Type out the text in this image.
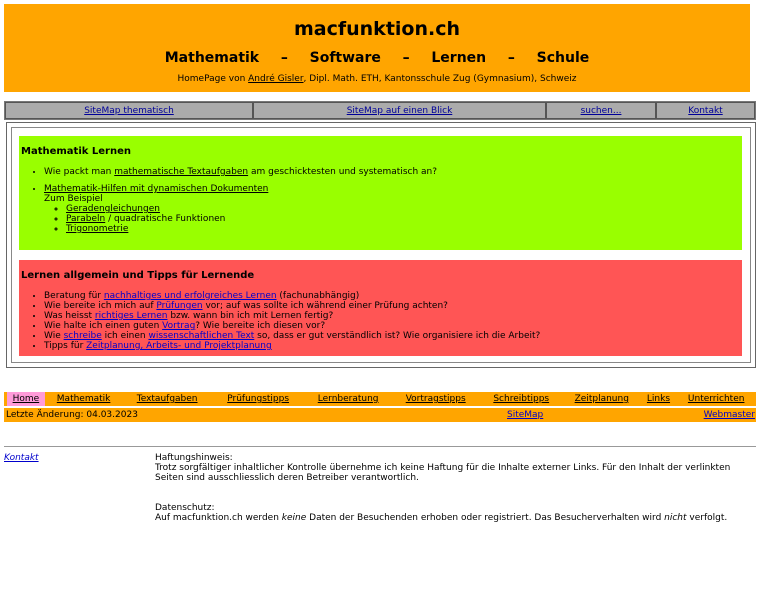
macfunktion.ch
Mathematik  –  Software  –  Lernen  –  Schule
HomePage von André Gisler, Dipl. Math. ETH, Kantonsschule Zug (Gymnasium), Schweiz
SiteMap thematisch	SiteMap auf einen Blick	suchen...	Kontakt
Mathematik Lernen
• Wie packt man mathematische Textaufgaben am geschicktesten und systematisch an?
• Mathematik-Hilfen mit dynamischen Dokumenten
Zum Beispiel
◦ Geradengleichungen
◦ Parabeln / quadratische Funktionen
◦ Trigonometrie
Lernen allgemein und Tipps für Lernende
• Beratung für nachhaltiges und erfolgreiches Lernen (fachunabhängig)
• Wie bereite ich mich auf Prüfungen vor; auf was sollte ich während einer Prüfung achten?
• Was heisst richtiges Lernen bzw. wann bin ich mit Lernen fertig?
• Wie halte ich einen guten Vortrag? Wie bereite ich diesen vor?
• Wie schreibe ich einen wissenschaftlichen Text so, dass er gut verständlich ist? Wie organisiere ich die Arbeit?
• Tipps für Zeitplanung, Arbeits- und Projektplanung
Home	Mathematik	Textaufgaben	Prüfungstipps	Lernberatung	Vortragstipps	Schreibtipps	Zeitplanung	Links	Unterrichten
Letzte Änderung: 04.03.2023	SiteMap	Webmaster
Kontakt	Haftungshinweis:

Trotz sorgfältiger inhaltlicher Kontrolle übernehme ich keine Haftung für die Inhalte externer Links. Für den Inhalt der verlinkten Seiten sind ausschliesslich deren Betreiber verantwortlich.

Datenschutz:

Auf macfunktion.ch werden keine Daten der Besuchenden erhoben oder registriert. Das Besucherverhalten wird nicht verfolgt.
